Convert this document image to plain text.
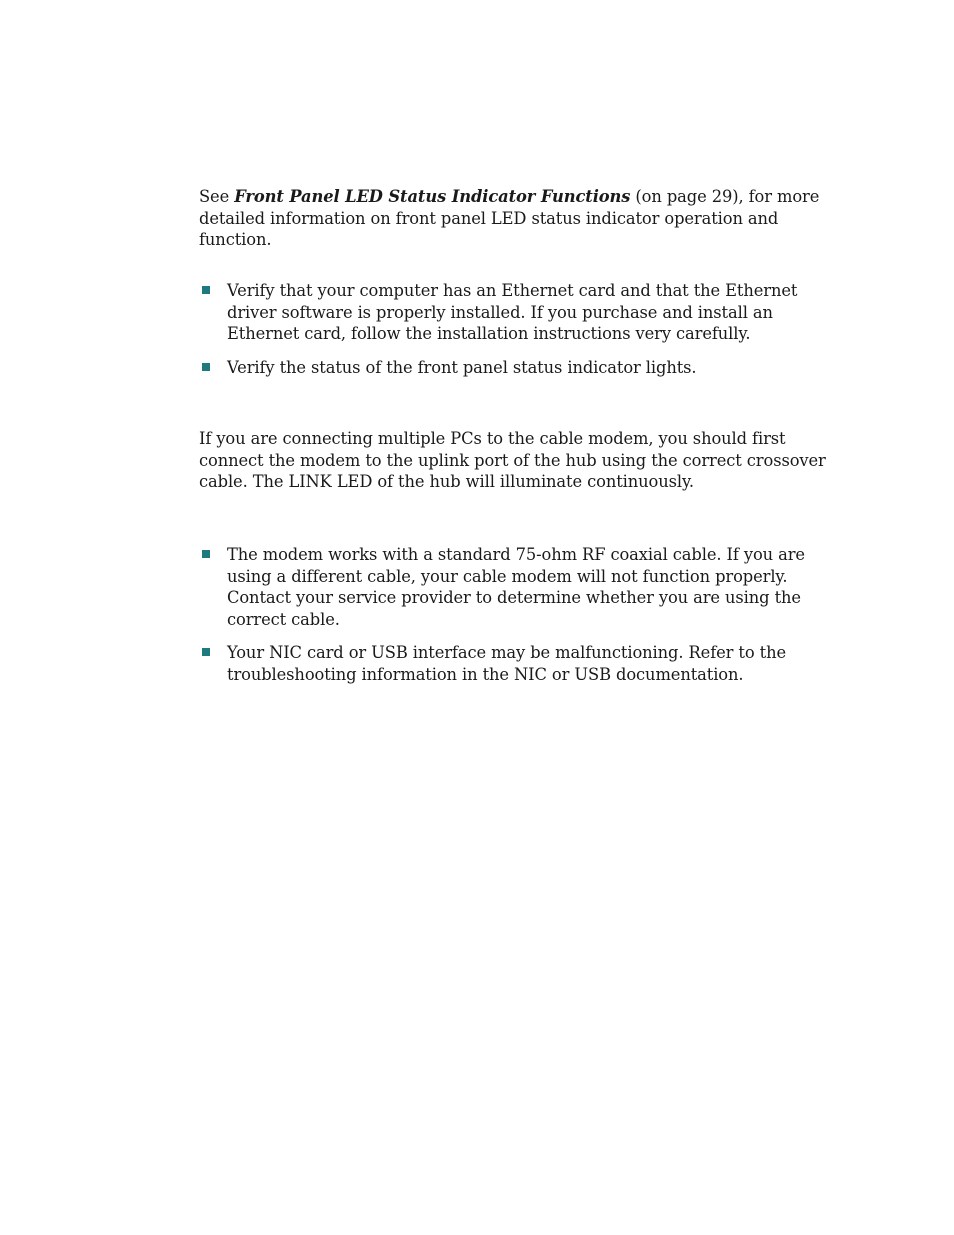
See Front Panel LED Status Indicator Functions (on page 29), for more detailed information on front panel LED status indicator operation and function.

Verify that your computer has an Ethernet card and that the Ethernet driver software is properly installed. If you purchase and install an Ethernet card, follow the installation instructions very carefully.
Verify the status of the front panel status indicator lights.

If you are connecting multiple PCs to the cable modem, you should first connect the modem to the uplink port of the hub using the correct crossover cable. The LINK LED of the hub will illuminate continuously.

The modem works with a standard 75-ohm RF coaxial cable. If you are using a different cable, your cable modem will not function properly. Contact your service provider to determine whether you are using the correct cable.
Your NIC card or USB interface may be malfunctioning. Refer to the troubleshooting information in the NIC or USB documentation.
